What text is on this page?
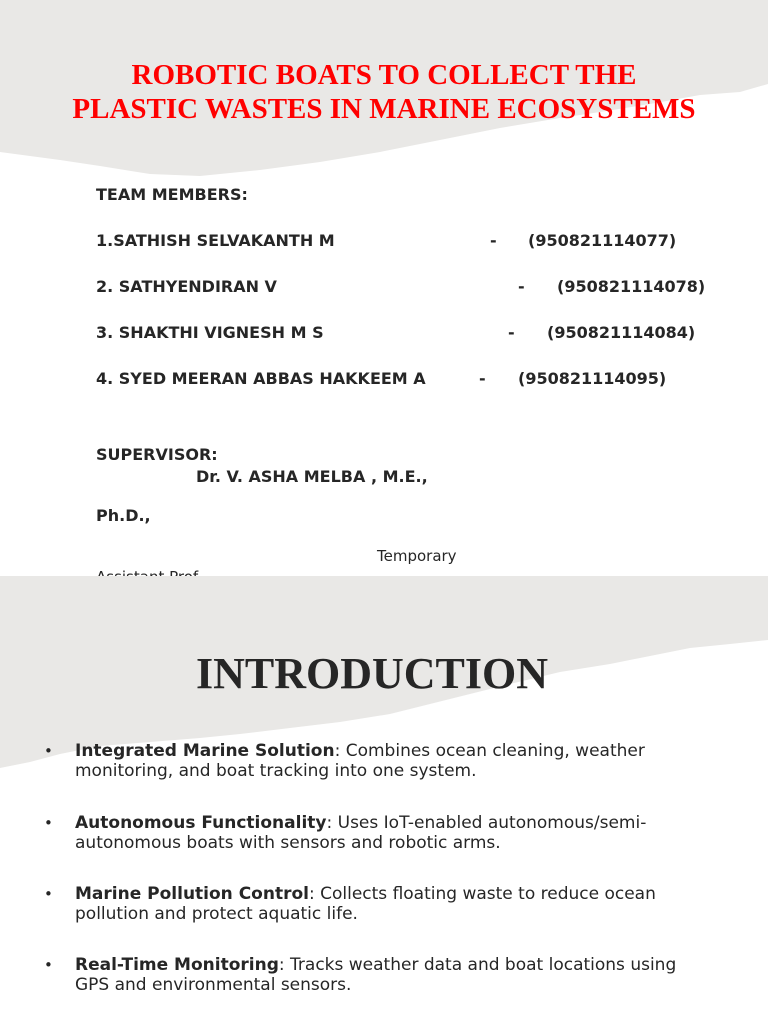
ROBOTIC BOATS TO COLLECT THE
PLASTIC WASTES IN MARINE ECOSYSTEMS
TEAM MEMBERS:
1.SATHISH SELVAKANTH M	- (950821114077)
2. SATHYENDIRAN V	- (950821114078)
3. SHAKTHI VIGNESH M S	- (950821114084)
4. SYED MEERAN ABBAS HAKKEEM A	- (950821114095)
SUPERVISOR:
Dr. V. ASHA MELBA , M.E.,
Ph.D.,
Temporary
INTRODUCTION
• Integrated Marine Solution: Combines ocean cleaning, weather monitoring, and boat tracking into one system.
• Autonomous Functionality: Uses IoT-enabled autonomous/semi-autonomous boats with sensors and robotic arms.
• Marine Pollution Control: Collects floating waste to reduce ocean pollution and protect aquatic life.
• Real-Time Monitoring: Tracks weather data and boat locations using GPS and environmental sensors.
